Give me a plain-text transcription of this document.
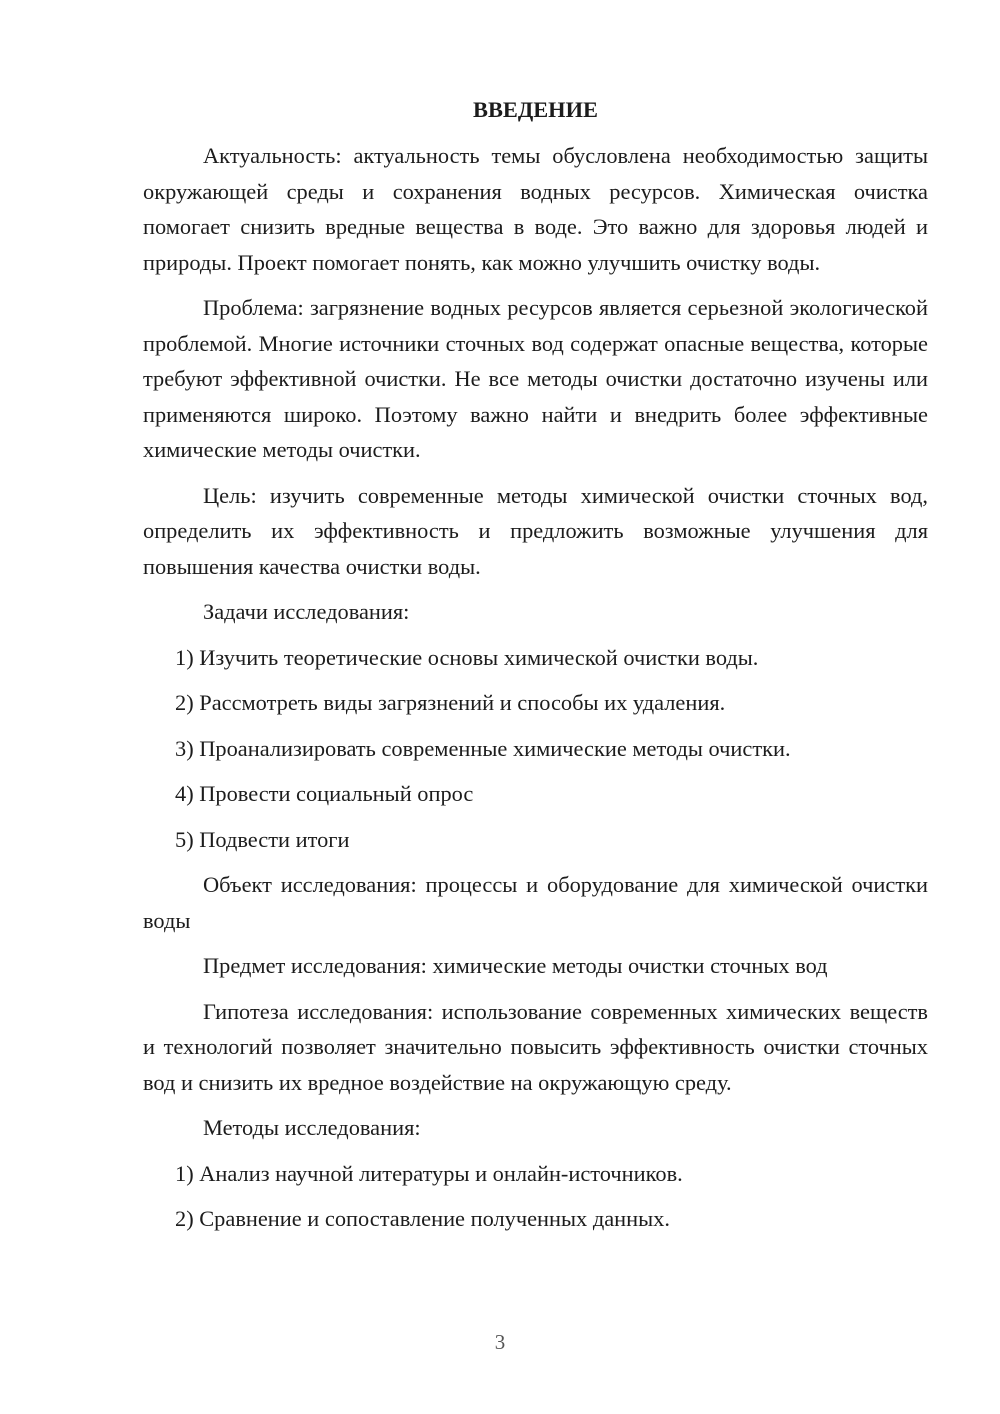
ВВЕДЕНИЕ

Актуальность: актуальность темы обусловлена необходимостью защиты окружающей среды и сохранения водных ресурсов. Химическая очистка помогает снизить вредные вещества в воде. Это важно для здоровья людей и природы. Проект помогает понять, как можно улучшить очистку воды.

Проблема: загрязнение водных ресурсов является серьезной экологической проблемой. Многие источники сточных вод содержат опасные вещества, которые требуют эффективной очистки. Не все методы очистки достаточно изучены или применяются широко. Поэтому важно найти и внедрить более эффективные химические методы очистки.

Цель: изучить современные методы химической очистки сточных вод, определить их эффективность и предложить возможные улучшения для повышения качества очистки воды.

Задачи исследования:

1) Изучить теоретические основы химической очистки воды.
2) Рассмотреть виды загрязнений и способы их удаления.
3) Проанализировать современные химические методы очистки.
4) Провести социальный опрос
5) Подвести итоги

Объект исследования: процессы и оборудование для химической очистки воды

Предмет исследования: химические методы очистки сточных вод

Гипотеза исследования: использование современных химических веществ и технологий позволяет значительно повысить эффективность очистки сточных вод и снизить их вредное воздействие на окружающую среду.

Методы исследования:

1) Анализ научной литературы и онлайн-источников.
2) Сравнение и сопоставление полученных данных.
3
